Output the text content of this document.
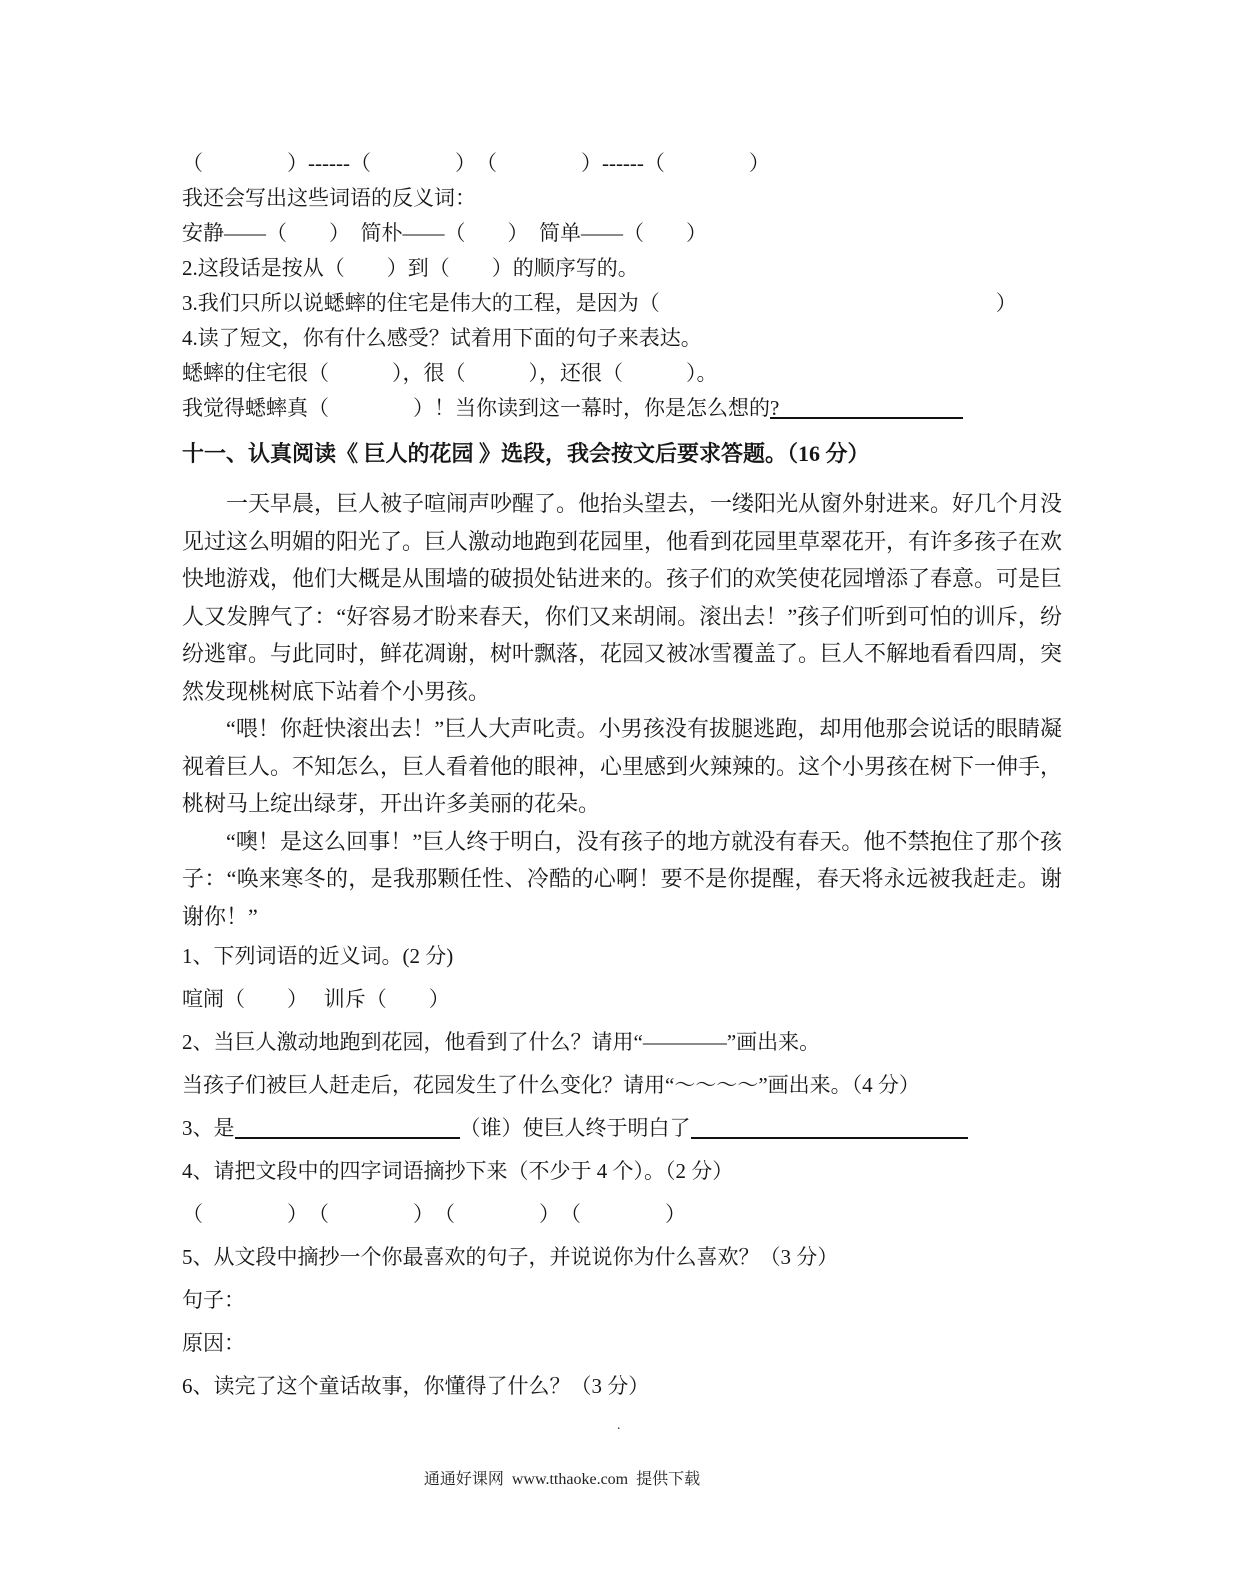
（　　　　）------（　　　　）　（　　　　）------（　　　　）

我还会写出这些词语的反义词：

安静——（　　）　简朴——（　　）　简单——（　　）

2.这段话是按从（　　）到（　　）的顺序写的。

3.我们只所以说蟋蟀的住宅是伟大的工程，是因为（　　　　　　　　　　　　　　　　）

4.读了短文，你有什么感受？试着用下面的句子来表达。

蟋蟀的住宅很（　　　），很（　　　），还很（　　　）。

我觉得蟋蟀真（　　　　）！当你读到这一幕时，你是怎么想的?

十一、认真阅读《 巨人的花园 》选段，我会按文后要求答题。（16 分）

一天早晨，巨人被子喧闹声吵醒了。他抬头望去，一缕阳光从窗外射进来。好几个月没见过这么明媚的阳光了。巨人激动地跑到花园里，他看到花园里草翠花开，有许多孩子在欢快地游戏，他们大概是从围墙的破损处钻进来的。孩子们的欢笑使花园增添了春意。可是巨人又发脾气了：“好容易才盼来春天，你们又来胡闹。滚出去！”孩子们听到可怕的训斥，纷纷逃窜。与此同时，鲜花凋谢，树叶飘落，花园又被冰雪覆盖了。巨人不解地看看四周，突然发现桃树底下站着个小男孩。

“喂！你赶快滚出去！”巨人大声叱责。小男孩没有拔腿逃跑，却用他那会说话的眼睛凝视着巨人。不知怎么，巨人看着他的眼神，心里感到火辣辣的。这个小男孩在树下一伸手，桃树马上绽出绿芽，开出许多美丽的花朵。

“噢！是这么回事！”巨人终于明白，没有孩子的地方就没有春天。他不禁抱住了那个孩子：“唤来寒冬的，是我那颗任性、冷酷的心啊！要不是你提醒，春天将永远被我赶走。谢谢你！”

1、下列词语的近义词。(2 分)

喧闹（　　）　 训斥（　　）

2、当巨人激动地跑到花园，他看到了什么？请用“————”画出来。

当孩子们被巨人赶走后，花园发生了什么变化？请用“～～～～”画出来。（4 分）

3、是	（谁）使巨人终于明白了

4、请把文段中的四字词语摘抄下来（不少于 4 个）。（2 分）

（　　　　）　（　　　　）　（　　　　）　（　　　　）

5、从文段中摘抄一个你最喜欢的句子，并说说你为什么喜欢？（3 分）

句子：

原因：

6、读完了这个童话故事，你懂得了什么？（3 分）

.
通通好课网  www.tthaoke.com  提供下载
